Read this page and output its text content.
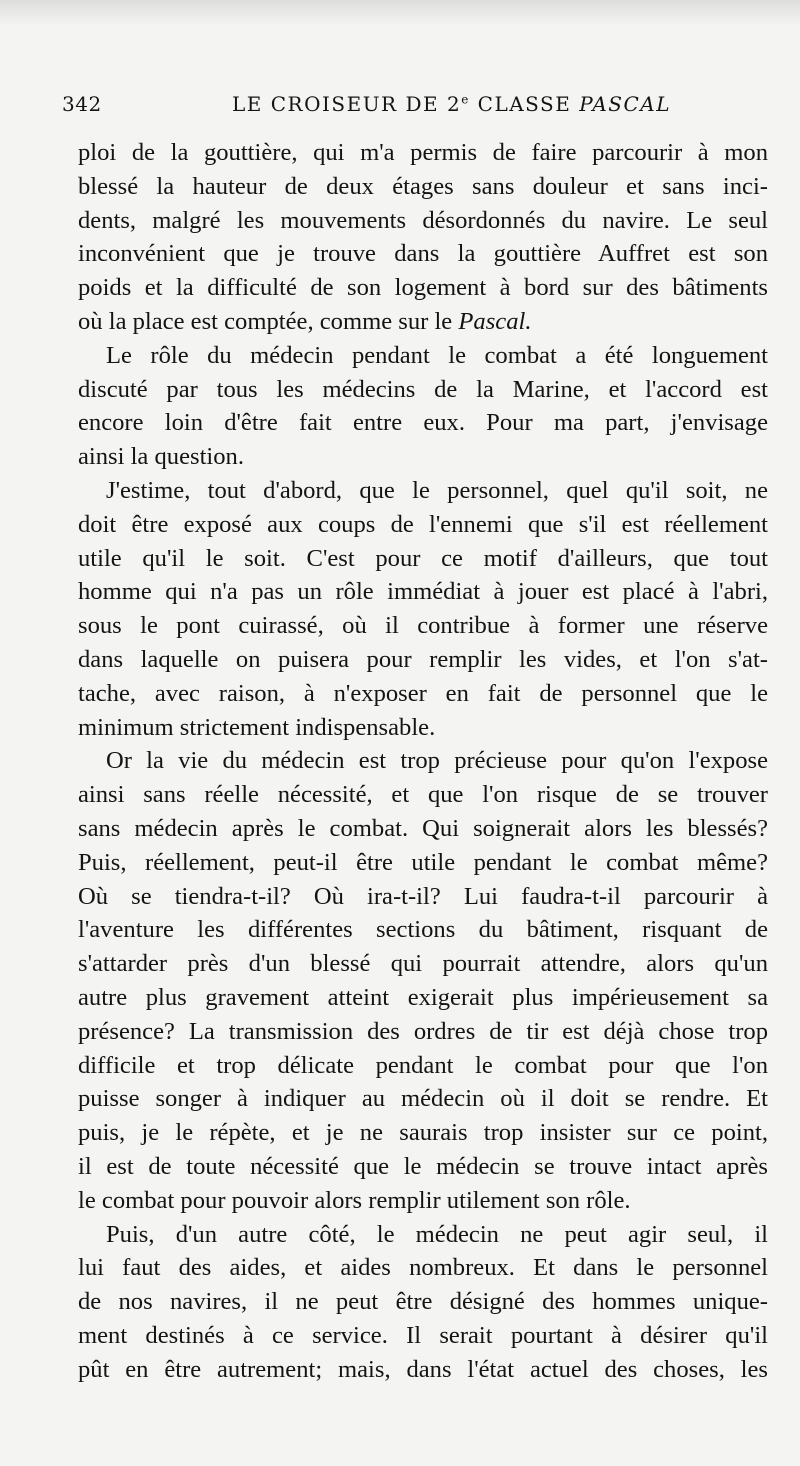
342	LE CROISEUR DE 2e CLASSE PASCAL
ploi de la gouttière, qui m'a permis de faire parcourir à mon
blessé la hauteur de deux étages sans douleur et sans inci-
dents, malgré les mouvements désordonnés du navire. Le seul
inconvénient que je trouve dans la gouttière Auffret est son
poids et la difficulté de son logement à bord sur des bâtiments
où la place est comptée, comme sur le Pascal.
Le rôle du médecin pendant le combat a été longuement
discuté par tous les médecins de la Marine, et l'accord est
encore loin d'être fait entre eux. Pour ma part, j'envisage
ainsi la question.
J'estime, tout d'abord, que le personnel, quel qu'il soit, ne
doit être exposé aux coups de l'ennemi que s'il est réellement
utile qu'il le soit. C'est pour ce motif d'ailleurs, que tout
homme qui n'a pas un rôle immédiat à jouer est placé à l'abri,
sous le pont cuirassé, où il contribue à former une réserve
dans laquelle on puisera pour remplir les vides, et l'on s'at-
tache, avec raison, à n'exposer en fait de personnel que le
minimum strictement indispensable.
Or la vie du médecin est trop précieuse pour qu'on l'expose
ainsi sans réelle nécessité, et que l'on risque de se trouver
sans médecin après le combat. Qui soignerait alors les blessés?
Puis, réellement, peut-il être utile pendant le combat même?
Où se tiendra-t-il? Où ira-t-il? Lui faudra-t-il parcourir à
l'aventure les différentes sections du bâtiment, risquant de
s'attarder près d'un blessé qui pourrait attendre, alors qu'un
autre plus gravement atteint exigerait plus impérieusement sa
présence? La transmission des ordres de tir est déjà chose trop
difficile et trop délicate pendant le combat pour que l'on
puisse songer à indiquer au médecin où il doit se rendre. Et
puis, je le répète, et je ne saurais trop insister sur ce point,
il est de toute nécessité que le médecin se trouve intact après
le combat pour pouvoir alors remplir utilement son rôle.
Puis, d'un autre côté, le médecin ne peut agir seul, il
lui faut des aides, et aides nombreux. Et dans le personnel
de nos navires, il ne peut être désigné des hommes unique-
ment destinés à ce service. Il serait pourtant à désirer qu'il
pût en être autrement; mais, dans l'état actuel des choses, les
